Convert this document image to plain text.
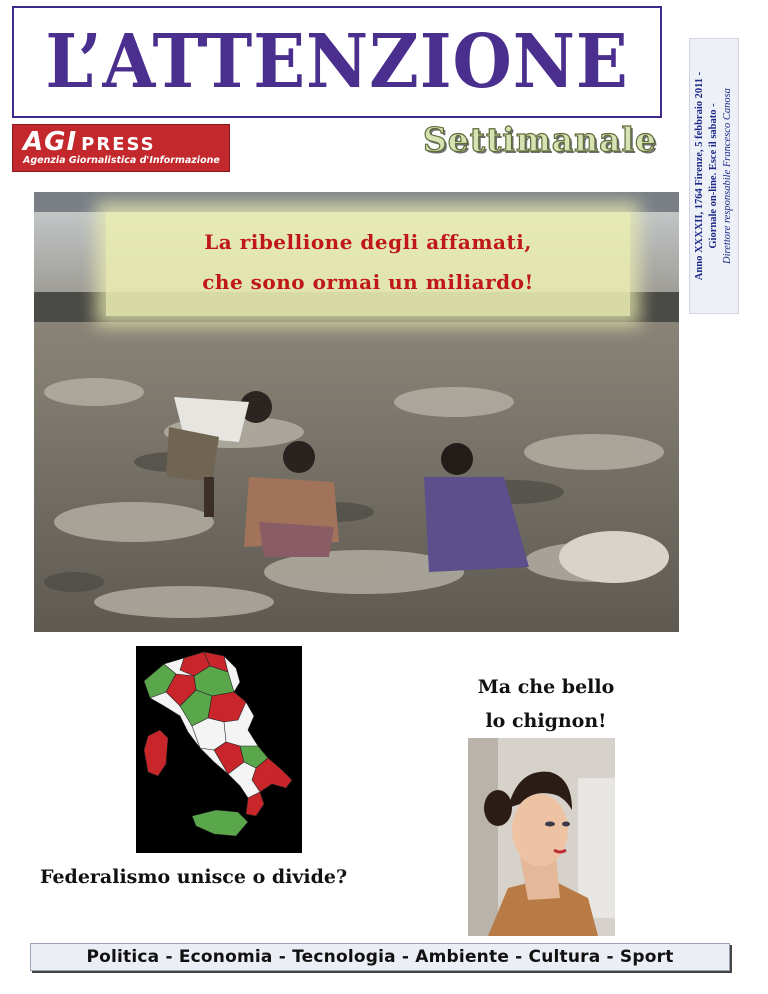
L’ATTENZIONE
AGI PRESS
Agenzia Giornalistica d'Informazione
Settimanale	Anno XXXXII, 1764 Firenze, 5 febbraio 2011 - Giornale on-line. Esce il sabato - Direttore responsabile Francesco Canosa
La ribellione degli affamati,
che sono ormai un miliardo!
Federalismo unisce o divide?
Ma che bello
lo chignon!
Politica - Economia - Tecnologia - Ambiente - Cultura - Sport
